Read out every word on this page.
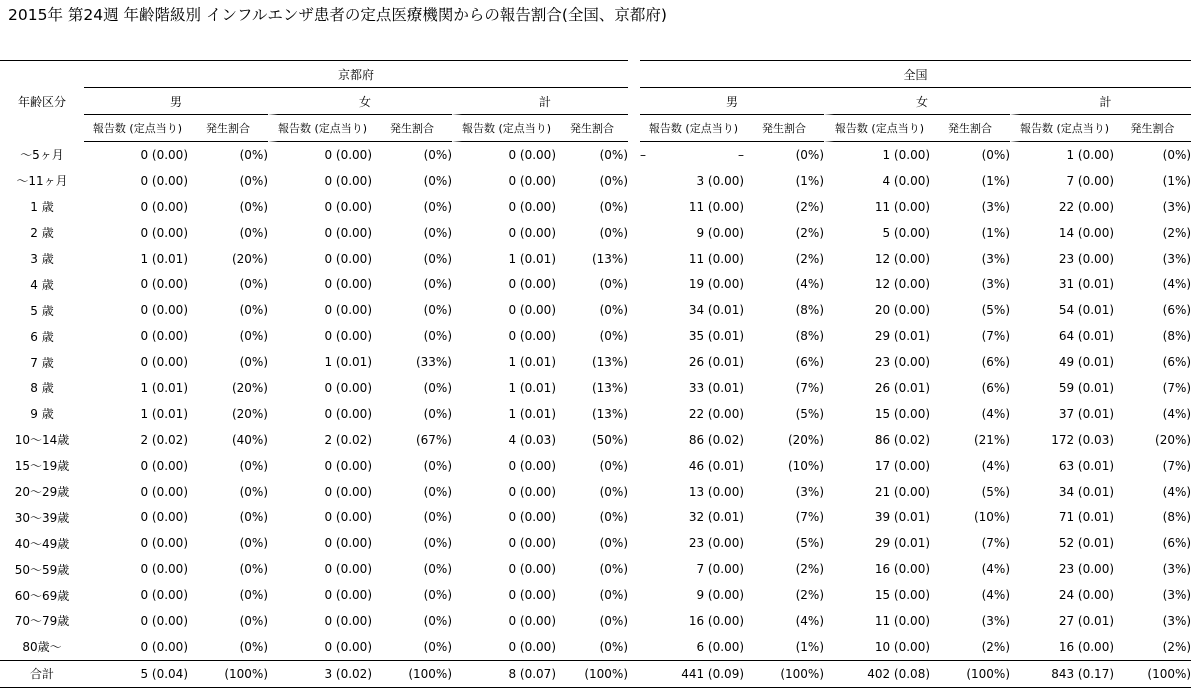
2015年 第24週 年齢階級別 インフルエンザ患者の定点医療機関からの報告割合(全国、京都府)
年齢区分	京都府							全国						
	男		女		計			男			女		計	
	報告数 (定点当り)	発生割合	報告数 (定点当り)	発生割合	報告数 (定点当り)	発生割合		報告数 (定点当り)		発生割合	報告数 (定点当り)	発生割合	報告数 (定点当り)	発生割合
～5ヶ月	0 (0.00)	(0%)	0 (0.00)	(0%)	0 (0.00)	(0%)		–	–	(0%)	1 (0.00)	(0%)	1 (0.00)	(0%)
～11ヶ月	0 (0.00)	(0%)	0 (0.00)	(0%)	0 (0.00)	(0%)			3 (0.00)	(1%)	4 (0.00)	(1%)	7 (0.00)	(1%)
1 歳	0 (0.00)	(0%)	0 (0.00)	(0%)	0 (0.00)	(0%)			11 (0.00)	(2%)	11 (0.00)	(3%)	22 (0.00)	(3%)
2 歳	0 (0.00)	(0%)	0 (0.00)	(0%)	0 (0.00)	(0%)			9 (0.00)	(2%)	5 (0.00)	(1%)	14 (0.00)	(2%)
3 歳	1 (0.01)	(20%)	0 (0.00)	(0%)	1 (0.01)	(13%)			11 (0.00)	(2%)	12 (0.00)	(3%)	23 (0.00)	(3%)
4 歳	0 (0.00)	(0%)	0 (0.00)	(0%)	0 (0.00)	(0%)			19 (0.00)	(4%)	12 (0.00)	(3%)	31 (0.01)	(4%)
5 歳	0 (0.00)	(0%)	0 (0.00)	(0%)	0 (0.00)	(0%)			34 (0.01)	(8%)	20 (0.00)	(5%)	54 (0.01)	(6%)
6 歳	0 (0.00)	(0%)	0 (0.00)	(0%)	0 (0.00)	(0%)			35 (0.01)	(8%)	29 (0.01)	(7%)	64 (0.01)	(8%)
7 歳	0 (0.00)	(0%)	1 (0.01)	(33%)	1 (0.01)	(13%)			26 (0.01)	(6%)	23 (0.00)	(6%)	49 (0.01)	(6%)
8 歳	1 (0.01)	(20%)	0 (0.00)	(0%)	1 (0.01)	(13%)			33 (0.01)	(7%)	26 (0.01)	(6%)	59 (0.01)	(7%)
9 歳	1 (0.01)	(20%)	0 (0.00)	(0%)	1 (0.01)	(13%)			22 (0.00)	(5%)	15 (0.00)	(4%)	37 (0.01)	(4%)
10～14歳	2 (0.02)	(40%)	2 (0.02)	(67%)	4 (0.03)	(50%)			86 (0.02)	(20%)	86 (0.02)	(21%)	172 (0.03)	(20%)
15～19歳	0 (0.00)	(0%)	0 (0.00)	(0%)	0 (0.00)	(0%)			46 (0.01)	(10%)	17 (0.00)	(4%)	63 (0.01)	(7%)
20～29歳	0 (0.00)	(0%)	0 (0.00)	(0%)	0 (0.00)	(0%)			13 (0.00)	(3%)	21 (0.00)	(5%)	34 (0.01)	(4%)
30～39歳	0 (0.00)	(0%)	0 (0.00)	(0%)	0 (0.00)	(0%)			32 (0.01)	(7%)	39 (0.01)	(10%)	71 (0.01)	(8%)
40～49歳	0 (0.00)	(0%)	0 (0.00)	(0%)	0 (0.00)	(0%)			23 (0.00)	(5%)	29 (0.01)	(7%)	52 (0.01)	(6%)
50～59歳	0 (0.00)	(0%)	0 (0.00)	(0%)	0 (0.00)	(0%)			7 (0.00)	(2%)	16 (0.00)	(4%)	23 (0.00)	(3%)
60～69歳	0 (0.00)	(0%)	0 (0.00)	(0%)	0 (0.00)	(0%)			9 (0.00)	(2%)	15 (0.00)	(4%)	24 (0.00)	(3%)
70～79歳	0 (0.00)	(0%)	0 (0.00)	(0%)	0 (0.00)	(0%)			16 (0.00)	(4%)	11 (0.00)	(3%)	27 (0.01)	(3%)
80歳～	0 (0.00)	(0%)	0 (0.00)	(0%)	0 (0.00)	(0%)			6 (0.00)	(1%)	10 (0.00)	(2%)	16 (0.00)	(2%)
合計	5 (0.04)	(100%)	3 (0.02)	(100%)	8 (0.07)	(100%)			441 (0.09)	(100%)	402 (0.08)	(100%)	843 (0.17)	(100%)
